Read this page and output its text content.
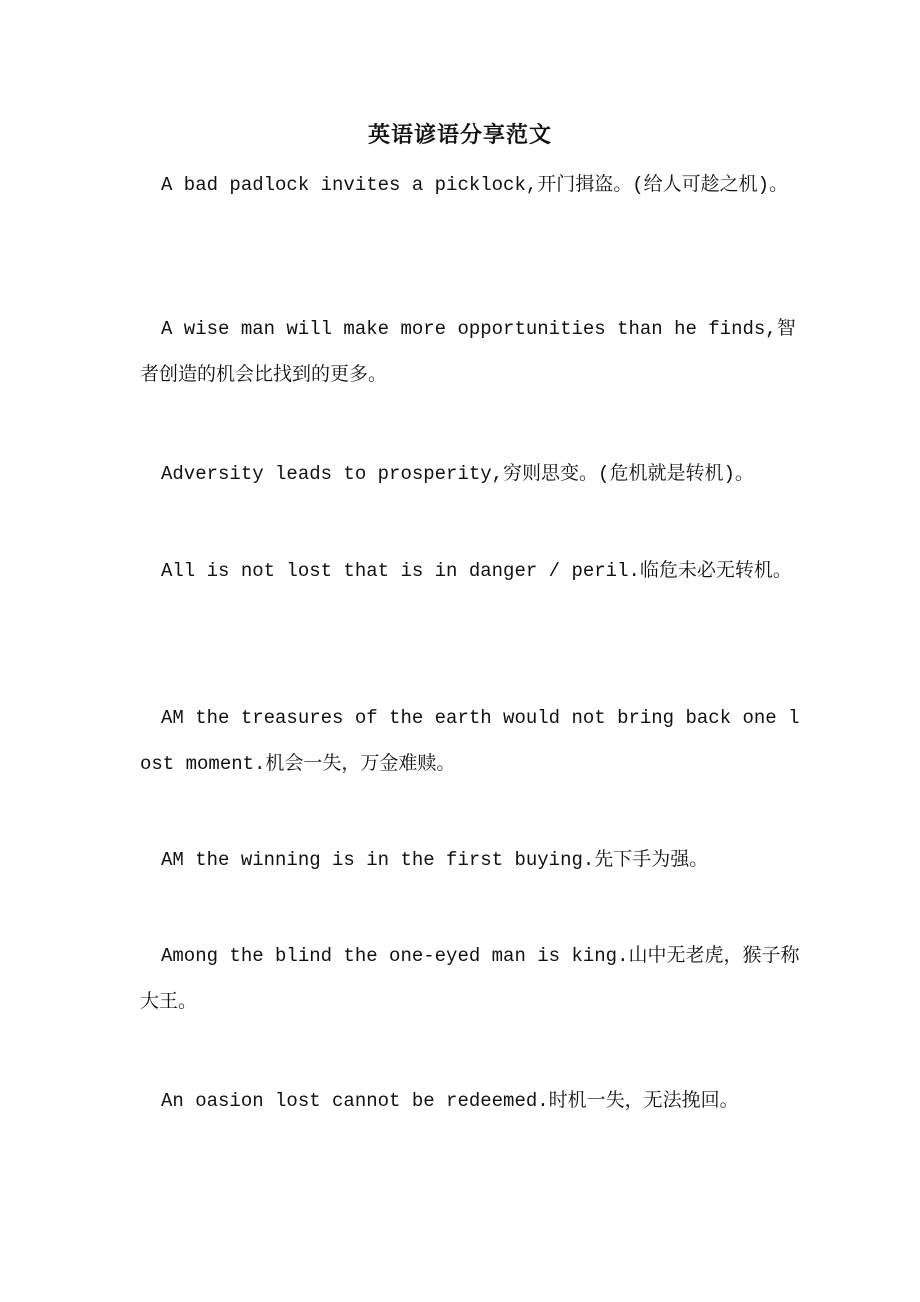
英语谚语分享范文
A bad padlock invites a picklock,开门揖盗。(给人可趁之机)。
A wise man will make more opportunities than he finds,智者创造的机会比找到的更多。
Adversity leads to prosperity,穷则思变。(危机就是转机)。
All is not lost that is in danger / peril.临危未必无转机。
AM the treasures of the earth would not bring back one lost moment.机会一失，万金难赎。
AM the winning is in the first buying.先下手为强。
Among the blind the one-eyed man is king.山中无老虎，猴子称大王。
An oasion lost cannot be redeemed.时机一失，无法挽回。
